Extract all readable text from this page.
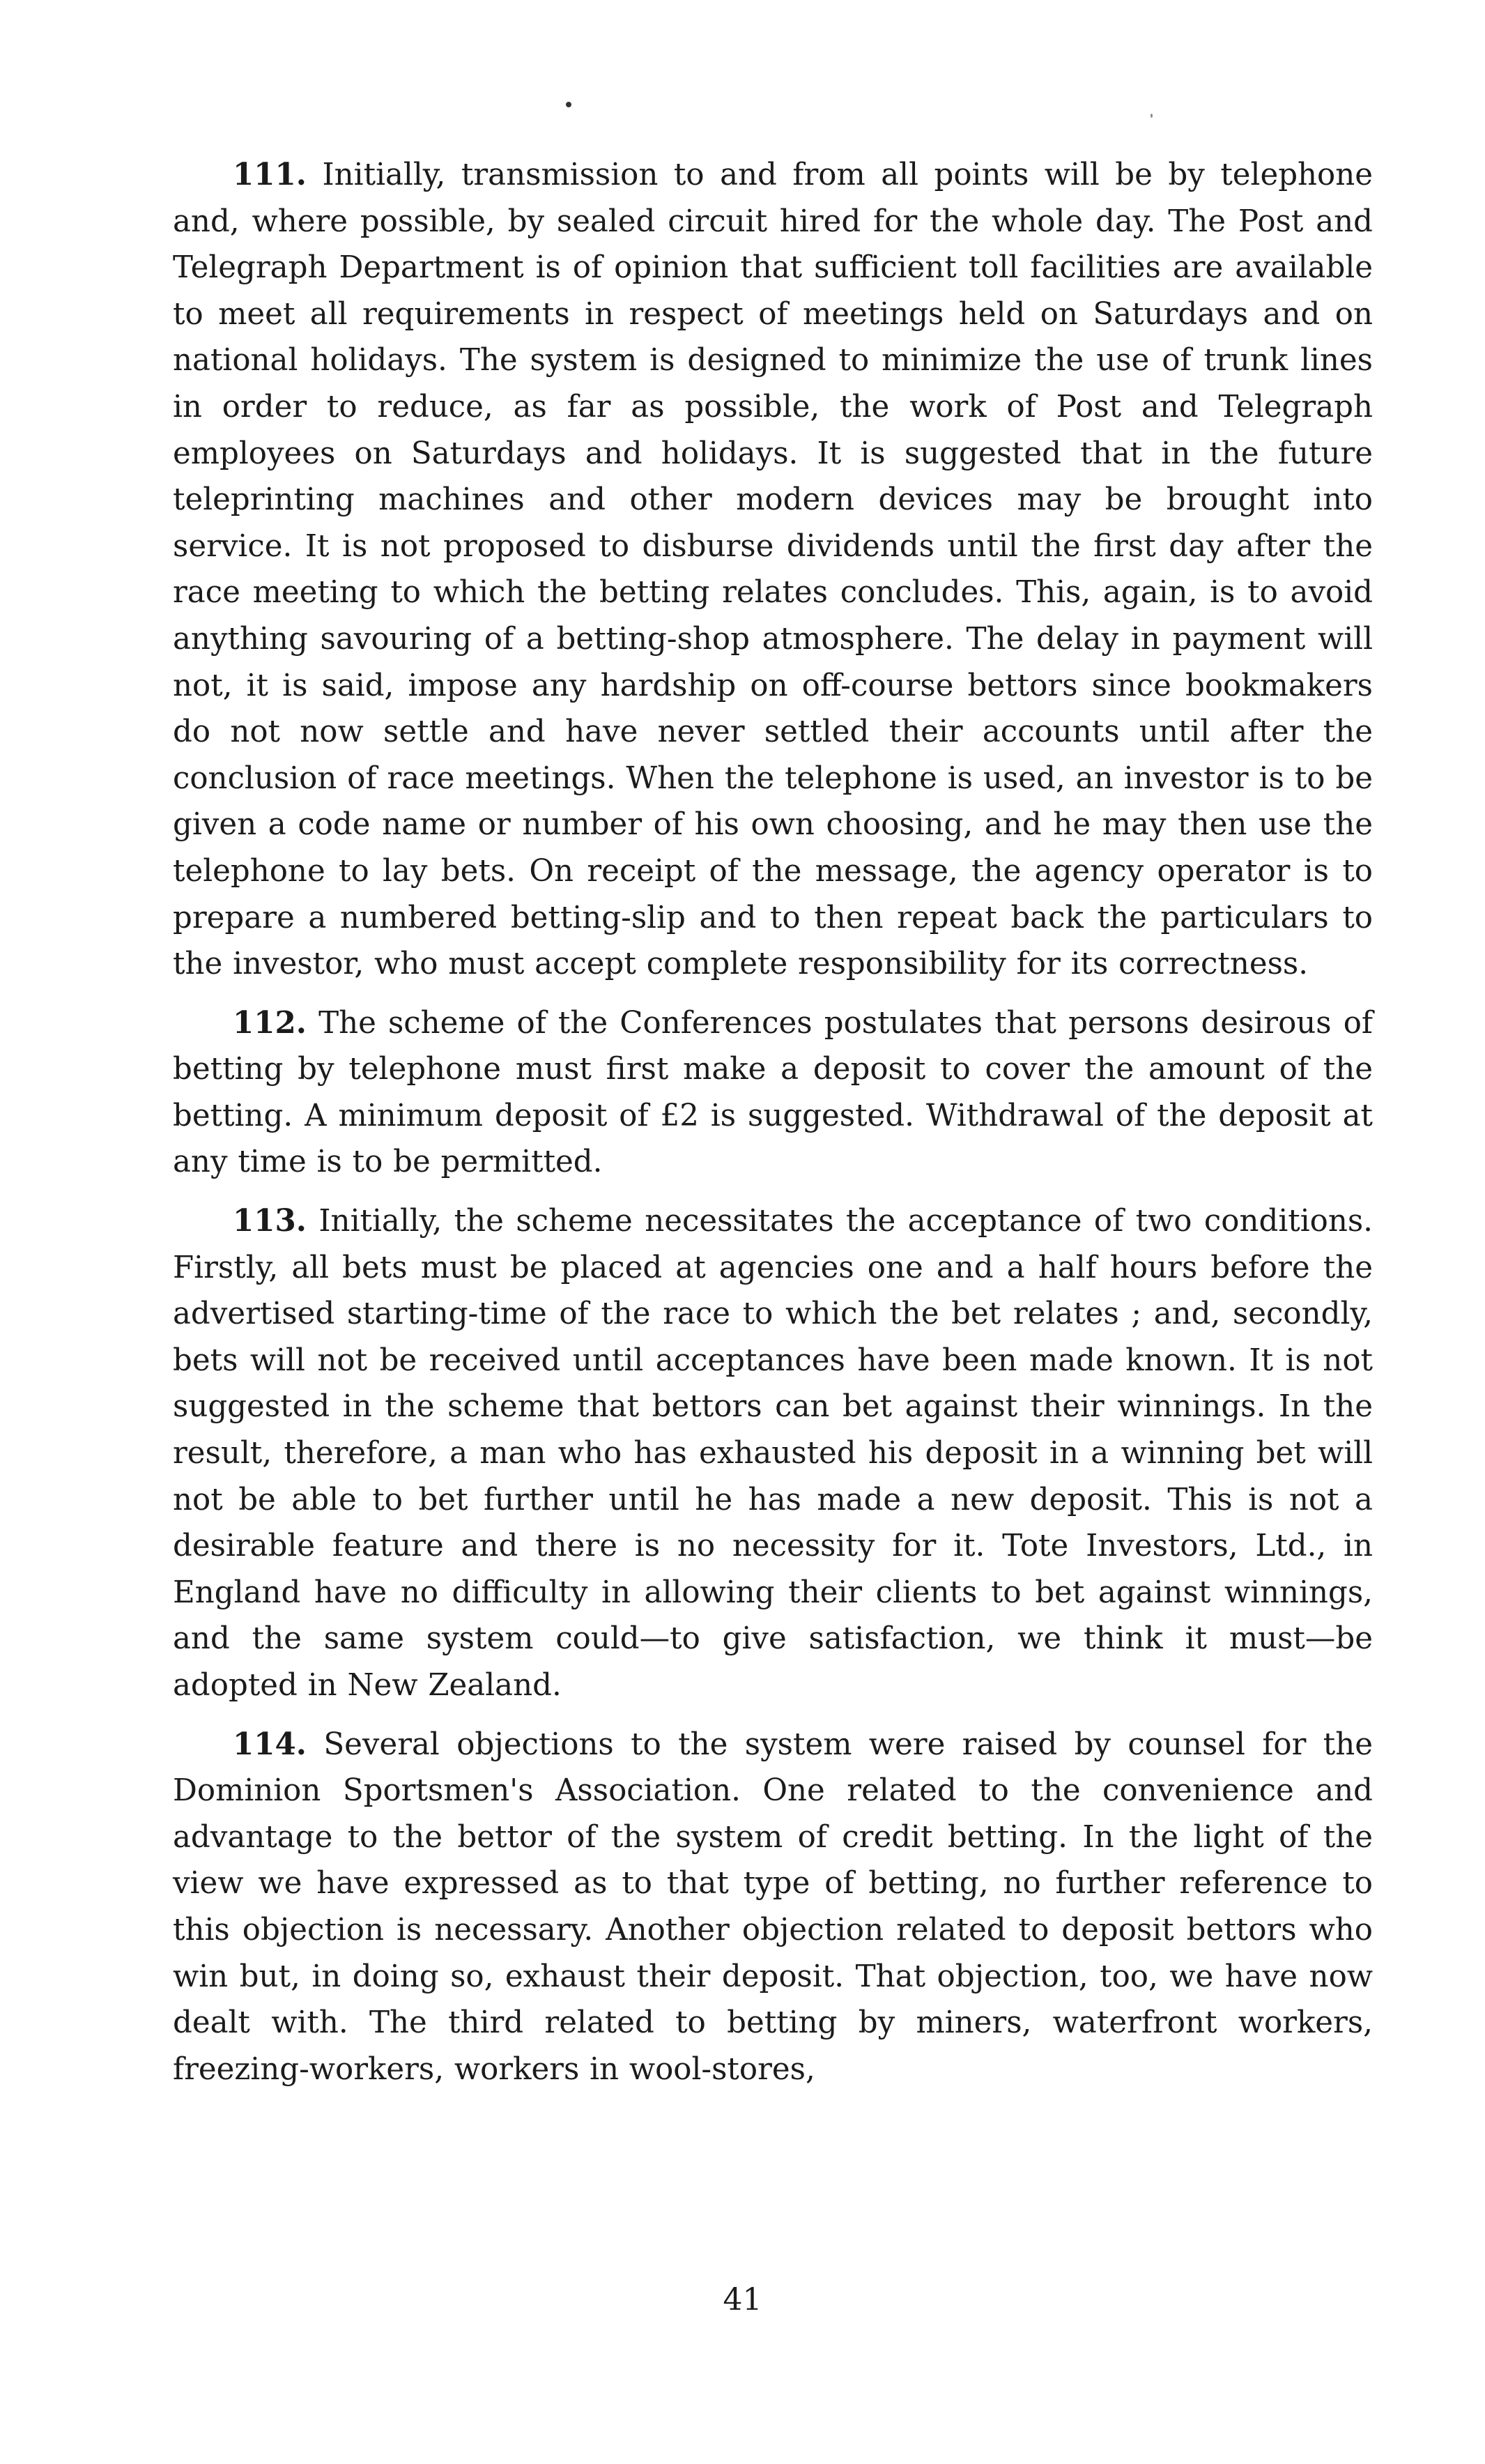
111. Initially, transmission to and from all points will be by telephone and, where possible, by sealed circuit hired for the whole day. The Post and Telegraph Department is of opinion that sufficient toll facilities are available to meet all requirements in respect of meetings held on Saturdays and on national holidays. The system is designed to minimize the use of trunk lines in order to reduce, as far as possible, the work of Post and Telegraph employees on Saturdays and holidays. It is suggested that in the future teleprinting machines and other modern devices may be brought into service. It is not proposed to disburse dividends until the first day after the race meeting to which the betting relates concludes. This, again, is to avoid anything savouring of a betting-shop atmosphere. The delay in payment will not, it is said, impose any hardship on off-course bettors since bookmakers do not now settle and have never settled their accounts until after the conclusion of race meetings. When the telephone is used, an investor is to be given a code name or number of his own choosing, and he may then use the telephone to lay bets. On receipt of the message, the agency operator is to prepare a numbered betting-slip and to then repeat back the particulars to the investor, who must accept complete responsibility for its correctness.

112. The scheme of the Conferences postulates that persons desirous of betting by telephone must first make a deposit to cover the amount of the betting. A minimum deposit of £2 is suggested. Withdrawal of the deposit at any time is to be permitted.

113. Initially, the scheme necessitates the acceptance of two conditions. Firstly, all bets must be placed at agencies one and a half hours before the advertised starting-time of the race to which the bet relates ; and, secondly, bets will not be received until acceptances have been made known. It is not suggested in the scheme that bettors can bet against their winnings. In the result, therefore, a man who has exhausted his deposit in a winning bet will not be able to bet further until he has made a new deposit. This is not a desirable feature and there is no necessity for it. Tote Investors, Ltd., in England have no difficulty in allowing their clients to bet against winnings, and the same system could—to give satisfaction, we think it must—be adopted in New Zealand.

114. Several objections to the system were raised by counsel for the Dominion Sportsmen's Association. One related to the convenience and advantage to the bettor of the system of credit betting. In the light of the view we have expressed as to that type of betting, no further reference to this objection is necessary. Another objection related to deposit bettors who win but, in doing so, exhaust their deposit. That objection, too, we have now dealt with. The third related to betting by miners, waterfront workers, freezing-workers, workers in wool-stores,

41
